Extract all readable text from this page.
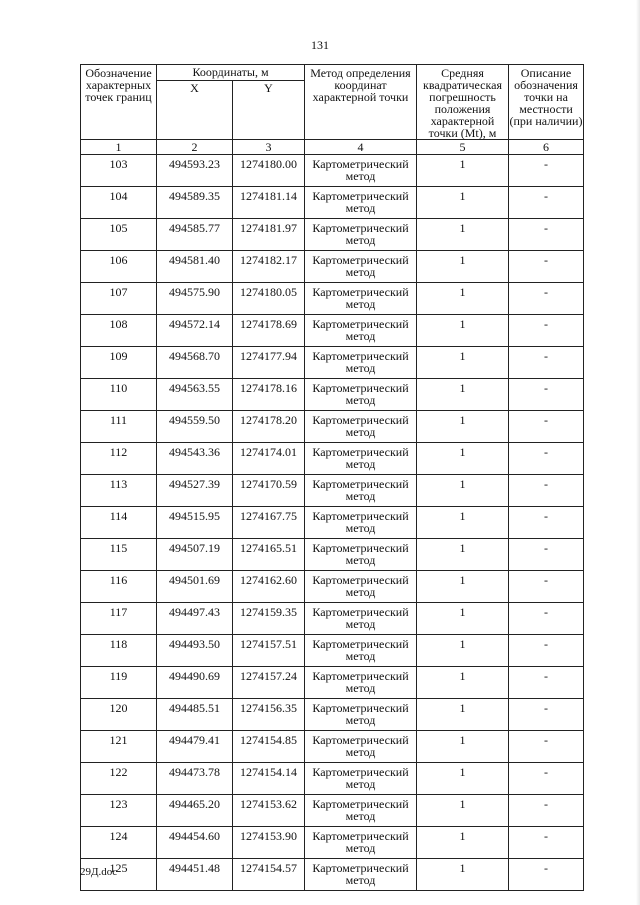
131
Обозначение характерных точек границ	Координаты, м		Метод определения координат характерной точки	Средняя квадратическая погрешность положения характерной точки (Mt), м	Описание обозначения точки на местности (при наличии)
	X	Y			
1	2	3	4	5	6
103	494593.23	1274180.00	Картометрический метод	1	-
104	494589.35	1274181.14	Картометрический метод	1	-
105	494585.77	1274181.97	Картометрический метод	1	-
106	494581.40	1274182.17	Картометрический метод	1	-
107	494575.90	1274180.05	Картометрический метод	1	-
108	494572.14	1274178.69	Картометрический метод	1	-
109	494568.70	1274177.94	Картометрический метод	1	-
110	494563.55	1274178.16	Картометрический метод	1	-
111	494559.50	1274178.20	Картометрический метод	1	-
112	494543.36	1274174.01	Картометрический метод	1	-
113	494527.39	1274170.59	Картометрический метод	1	-
114	494515.95	1274167.75	Картометрический метод	1	-
115	494507.19	1274165.51	Картометрический метод	1	-
116	494501.69	1274162.60	Картометрический метод	1	-
117	494497.43	1274159.35	Картометрический метод	1	-
118	494493.50	1274157.51	Картометрический метод	1	-
119	494490.69	1274157.24	Картометрический метод	1	-
120	494485.51	1274156.35	Картометрический метод	1	-
121	494479.41	1274154.85	Картометрический метод	1	-
122	494473.78	1274154.14	Картометрический метод	1	-
123	494465.20	1274153.62	Картометрический метод	1	-
124	494454.60	1274153.90	Картометрический метод	1	-
125	494451.48	1274154.57	Картометрический метод	1	-
29Д.doc
